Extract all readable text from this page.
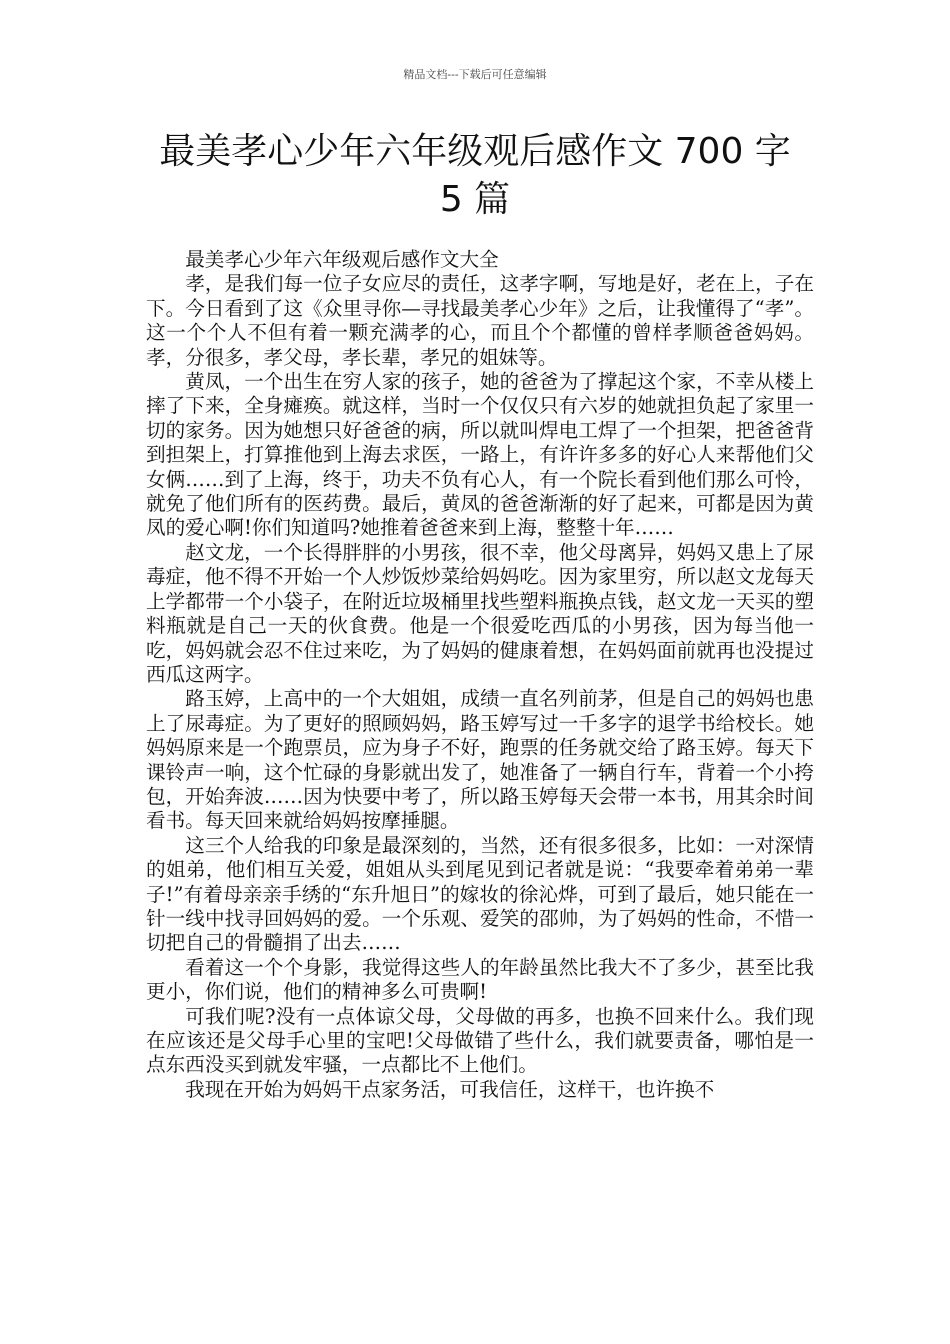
精品文档---下载后可任意编辑
最美孝心少年六年级观后感作文 700 字
5 篇

最美孝心少年六年级观后感作文大全

孝，是我们每一位子女应尽的责任，这孝字啊，写地是好，老在上，子在下。今日看到了这《众里寻你—寻找最美孝心少年》之后，让我懂得了“孝”。这一个个人不但有着一颗充满孝的心，而且个个都懂的曾样孝顺爸爸妈妈。孝，分很多，孝父母，孝长辈，孝兄的姐妹等。

黄凤，一个出生在穷人家的孩子，她的爸爸为了撑起这个家，不幸从楼上摔了下来，全身瘫痪。就这样，当时一个仅仅只有六岁的她就担负起了家里一切的家务。因为她想只好爸爸的病，所以就叫焊电工焊了一个担架，把爸爸背到担架上，打算推他到上海去求医，一路上，有许许多多的好心人来帮他们父女俩……到了上海，终于，功夫不负有心人，有一个院长看到他们那么可怜，就免了他们所有的医药费。最后，黄凤的爸爸渐渐的好了起来，可都是因为黄凤的爱心啊!你们知道吗?她推着爸爸来到上海，整整十年……

赵文龙，一个长得胖胖的小男孩，很不幸，他父母离异，妈妈又患上了尿毒症，他不得不开始一个人炒饭炒菜给妈妈吃。因为家里穷，所以赵文龙每天上学都带一个小袋子，在附近垃圾桶里找些塑料瓶换点钱，赵文龙一天买的塑料瓶就是自己一天的伙食费。他是一个很爱吃西瓜的小男孩，因为每当他一吃，妈妈就会忍不住过来吃，为了妈妈的健康着想，在妈妈面前就再也没提过西瓜这两字。

路玉婷，上高中的一个大姐姐，成绩一直名列前茅，但是自己的妈妈也患上了尿毒症。为了更好的照顾妈妈，路玉婷写过一千多字的退学书给校长。她妈妈原来是一个跑票员，应为身子不好，跑票的任务就交给了路玉婷。每天下课铃声一响，这个忙碌的身影就出发了，她准备了一辆自行车，背着一个小挎包，开始奔波……因为快要中考了，所以路玉婷每天会带一本书，用其余时间看书。每天回来就给妈妈按摩捶腿。

这三个人给我的印象是最深刻的，当然，还有很多很多，比如：一对深情的姐弟，他们相互关爱，姐姐从头到尾见到记者就是说：“我要牵着弟弟一辈子!”有着母亲亲手绣的“东升旭日”的嫁妆的徐沁烨，可到了最后，她只能在一针一线中找寻回妈妈的爱。一个乐观、爱笑的邵帅，为了妈妈的性命，不惜一切把自己的骨髓捐了出去……

看着这一个个身影，我觉得这些人的年龄虽然比我大不了多少，甚至比我更小，你们说，他们的精神多么可贵啊!

可我们呢?没有一点体谅父母，父母做的再多，也换不回来什么。我们现在应该还是父母手心里的宝吧!父母做错了些什么，我们就要责备，哪怕是一点东西没买到就发牢骚，一点都比不上他们。

我现在开始为妈妈干点家务活，可我信任，这样干，也许换不
